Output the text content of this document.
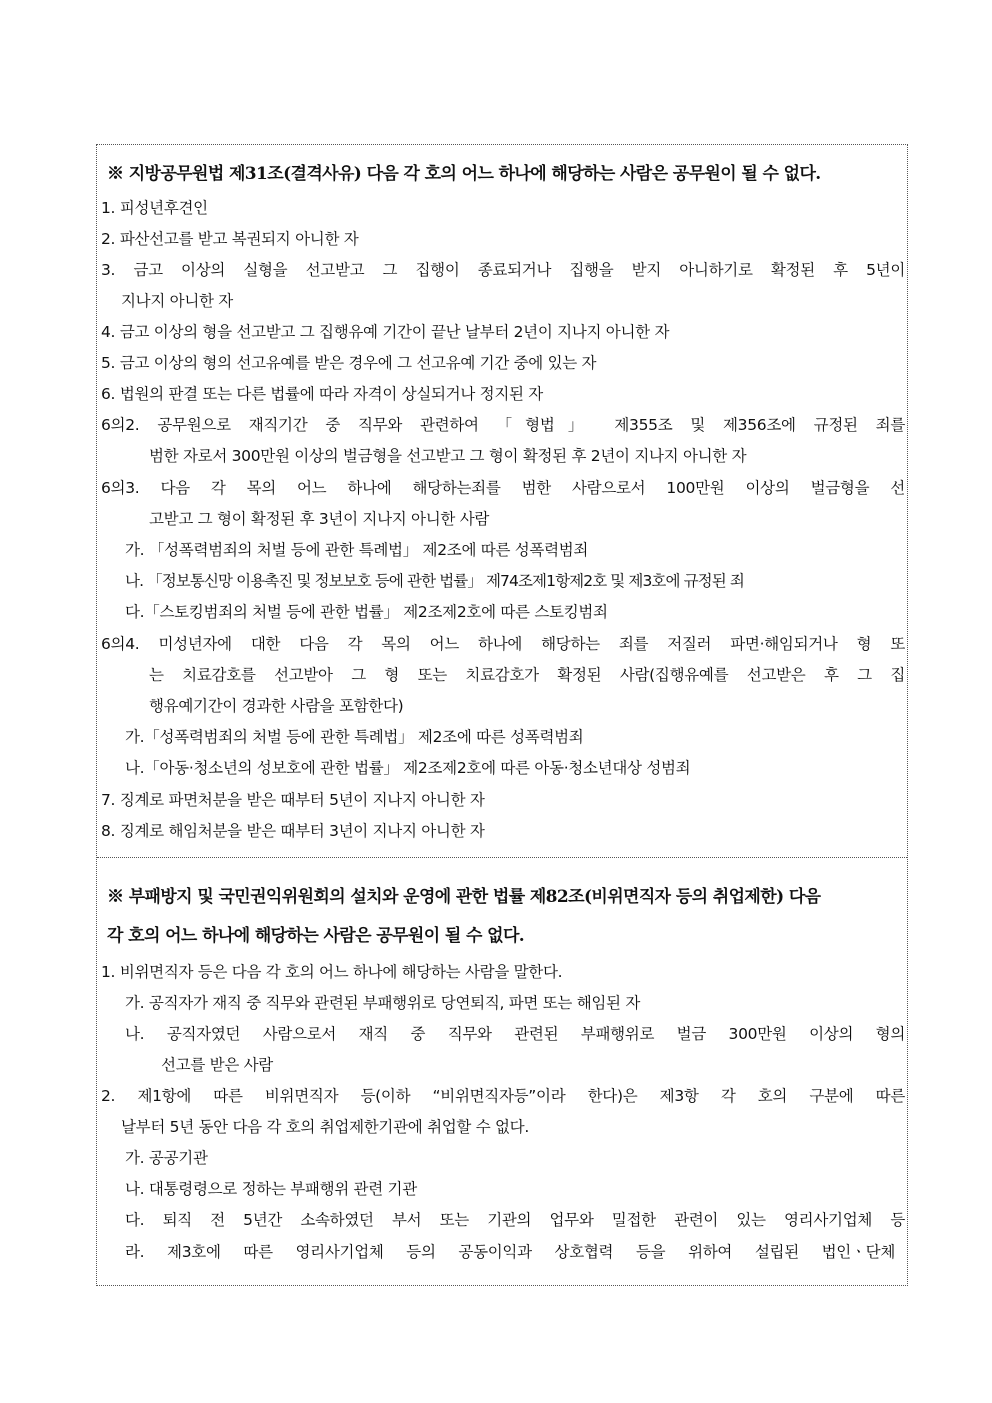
※ 지방공무원법 제31조(결격사유) 다음 각 호의 어느 하나에 해당하는 사람은 공무원이 될 수 없다.
1. 피성년후견인
2. 파산선고를 받고 복권되지 아니한 자
3. 금고 이상의 실형을 선고받고 그 집행이 종료되거나 집행을 받지 아니하기로 확정된 후 5년이
지나지 아니한 자
4. 금고 이상의 형을 선고받고 그 집행유예 기간이 끝난 날부터 2년이 지나지 아니한 자
5. 금고 이상의 형의 선고유예를 받은 경우에 그 선고유예 기간 중에 있는 자
6. 법원의 판결 또는 다른 법률에 따라 자격이 상실되거나 정지된 자
6의2. 공무원으로 재직기간 중 직무와 관련하여 「형법」 제355조 및 제356조에 규정된 죄를
범한 자로서 300만원 이상의 벌금형을 선고받고 그 형이 확정된 후 2년이 지나지 아니한 자
6의3. 다음 각 목의 어느 하나에 해당하는죄를 범한 사람으로서 100만원 이상의 벌금형을 선
고받고 그 형이 확정된 후 3년이 지나지 아니한 사람
가. 「성폭력범죄의 처벌 등에 관한 특례법」 제2조에 따른 성폭력범죄
나. 「정보통신망 이용촉진 및 정보보호 등에 관한 법률」 제74조제1항제2호 및 제3호에 규정된 죄
다.「스토킹범죄의 처벌 등에 관한 법률」 제2조제2호에 따른 스토킹범죄
6의4. 미성년자에 대한 다음 각 목의 어느 하나에 해당하는 죄를 저질러 파면·해임되거나 형 또
는 치료감호를 선고받아 그 형 또는 치료감호가 확정된 사람(집행유예를 선고받은 후 그 집
행유예기간이 경과한 사람을 포함한다)
가.「성폭력범죄의 처벌 등에 관한 특례법」 제2조에 따른 성폭력범죄
나.「아동·청소년의 성보호에 관한 법률」 제2조제2호에 따른 아동·청소년대상 성범죄
7. 징계로 파면처분을 받은 때부터 5년이 지나지 아니한 자
8. 징계로 해임처분을 받은 때부터 3년이 지나지 아니한 자
※ 부패방지 및 국민권익위원회의 설치와 운영에 관한 법률 제82조(비위면직자 등의 취업제한) 다음
각 호의 어느 하나에 해당하는 사람은 공무원이 될 수 없다.
1. 비위면직자 등은 다음 각 호의 어느 하나에 해당하는 사람을 말한다.
가. 공직자가 재직 중 직무와 관련된 부패행위로 당연퇴직, 파면 또는 해임된 자
나. 공직자였던 사람으로서 재직 중 직무와 관련된 부패행위로 벌금 300만원 이상의 형의
선고를 받은 사람
2. 제1항에 따른 비위면직자 등(이하 “비위면직자등”이라 한다)은 제3항 각 호의 구분에 따른
날부터 5년 동안 다음 각 호의 취업제한기관에 취업할 수 없다.
가. 공공기관
나. 대통령령으로 정하는 부패행위 관련 기관
다. 퇴직 전 5년간 소속하였던 부서 또는 기관의 업무와 밀접한 관련이 있는 영리사기업체 등
라. 제3호에 따른 영리사기업체 등의 공동이익과 상호협력 등을 위하여 설립된 법인ㆍ단체
